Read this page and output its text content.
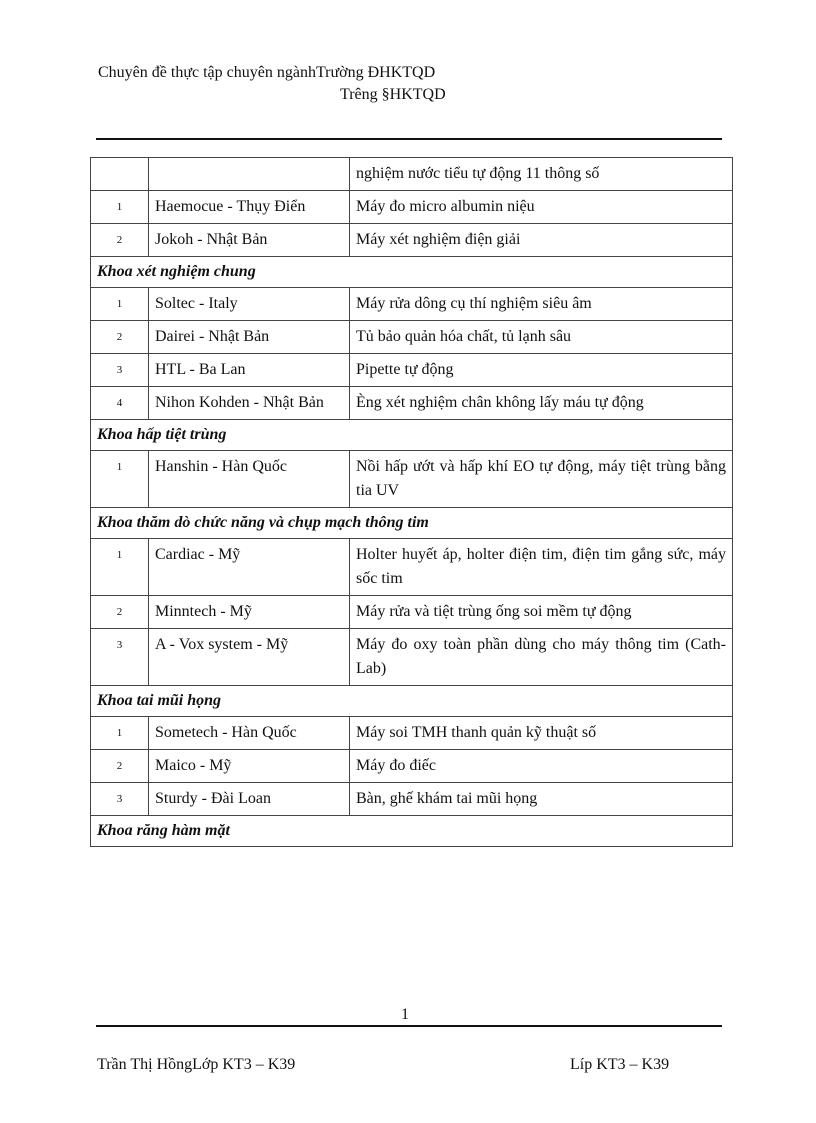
Chuyên đề thực tập chuyên ngànhTrường ĐHKTQD
Trêng §HKTQD
		nghiệm nước tiểu tự động 11 thông số
1	Haemocue - Thụy Điển	Máy đo micro albumin niệu
2	Jokoh - Nhật Bản	Máy xét nghiệm điện giải
Khoa xét nghiệm chung		
1	Soltec - Italy	Máy rửa dông cụ thí nghiệm siêu âm
2	Dairei - Nhật Bản	Tủ bảo quản hóa chất, tủ lạnh sâu
3	HTL - Ba Lan	Pipette tự động
4	Nihon Kohden - Nhật Bản	Èng xét nghiệm chân không lấy máu tự động
Khoa hấp tiệt trùng		
1	Hanshin - Hàn Quốc	Nồi hấp ướt và hấp khí EO tự động, máy tiệt trùng bằng tia UV
Khoa thăm dò chức năng và chụp mạch thông tim		
1	Cardiac - Mỹ	Holter huyết áp, holter điện tim, điện tim gắng sức, máy sốc tim
2	Minntech - Mỹ	Máy rửa và tiệt trùng ống soi mềm tự động
3	A - Vox system - Mỹ	Máy đo oxy toàn phần dùng cho máy thông tim (Cath-Lab)
Khoa tai mũi họng		
1	Sometech - Hàn Quốc	Máy soi TMH thanh quản kỹ thuật số
2	Maico - Mỹ	Máy đo điếc
3	Sturdy - Đài Loan	Bàn, ghế khám tai mũi họng
Khoa răng hàm mặt		
1
Trần Thị HồngLớp KT3 – K39	Líp KT3 – K39
